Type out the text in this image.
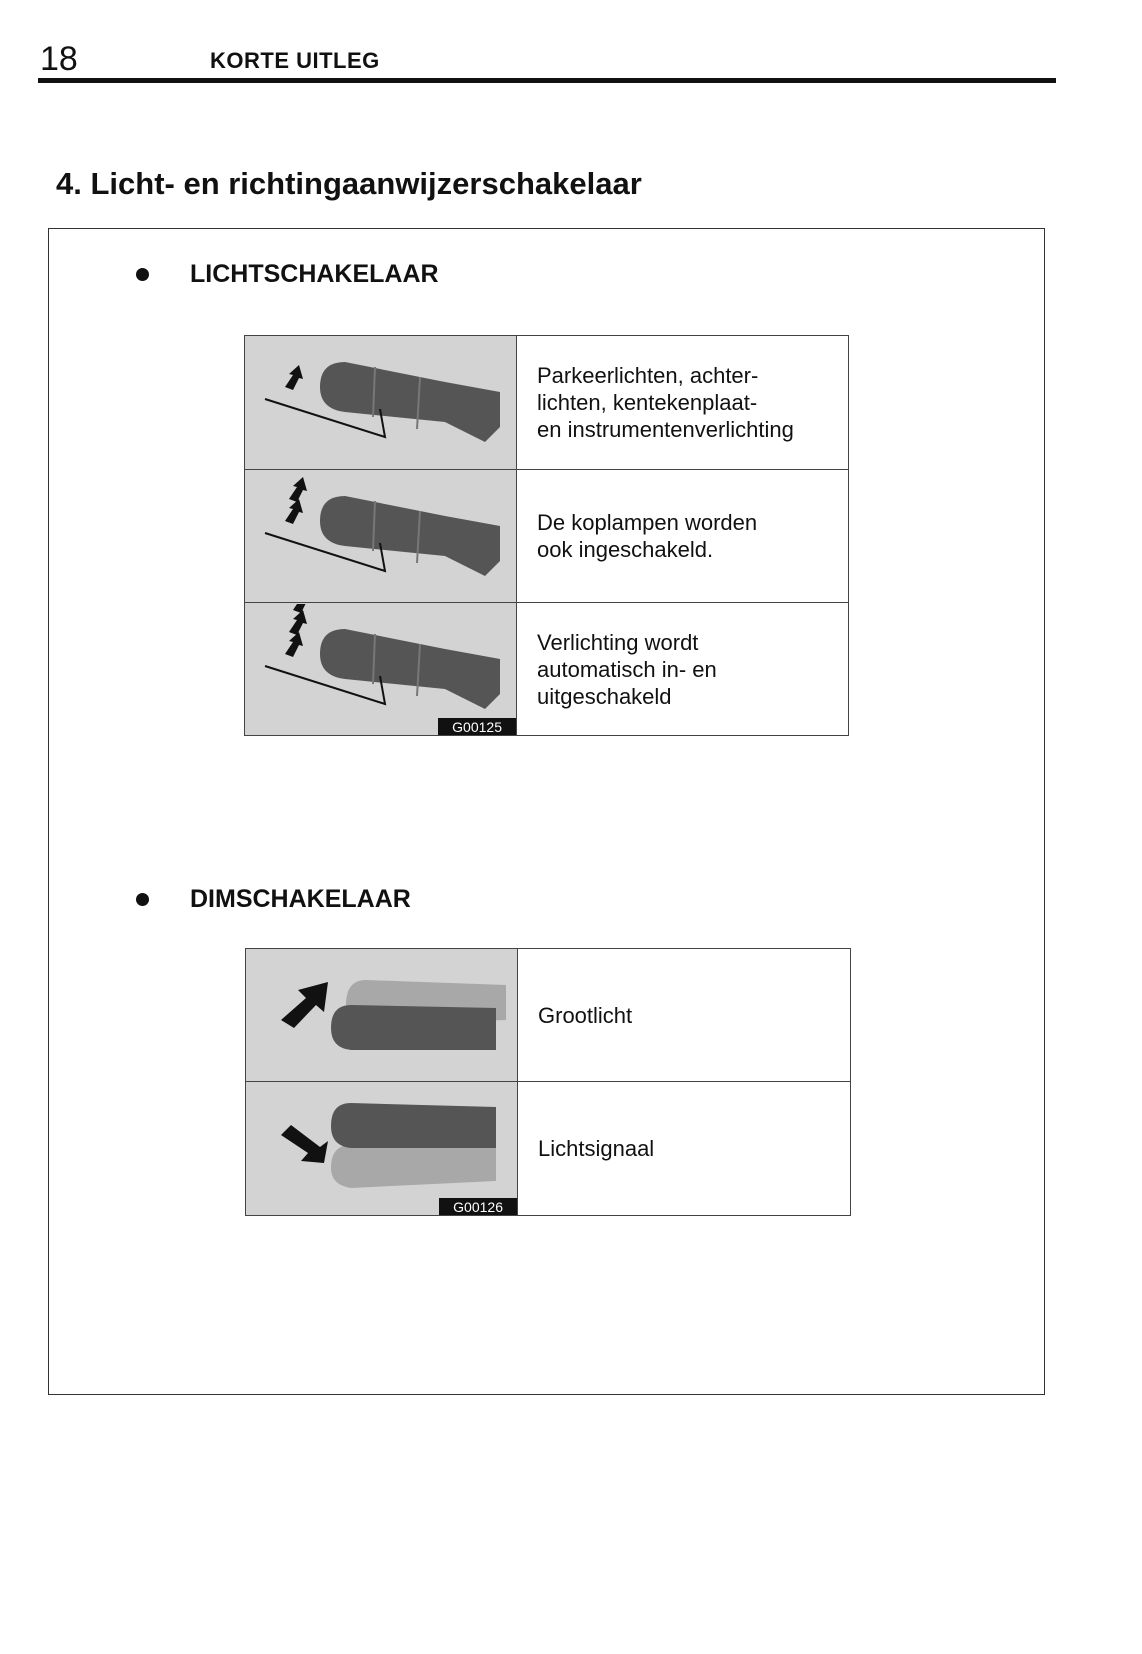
18	KORTE UITLEG
4. Licht- en richtingaanwijzerschakelaar
LICHTSCHAKELAAR

Parkeerlichten, achter-
lichten, kentekenplaat-
en instrumentenverlichting

De koplampen worden
ook ingeschakeld.

G00125	Verlichting wordt
automatisch in- en
uitgeschakeld
DIMSCHAKELAAR

Grootlicht

G00126	Lichtsignaal
